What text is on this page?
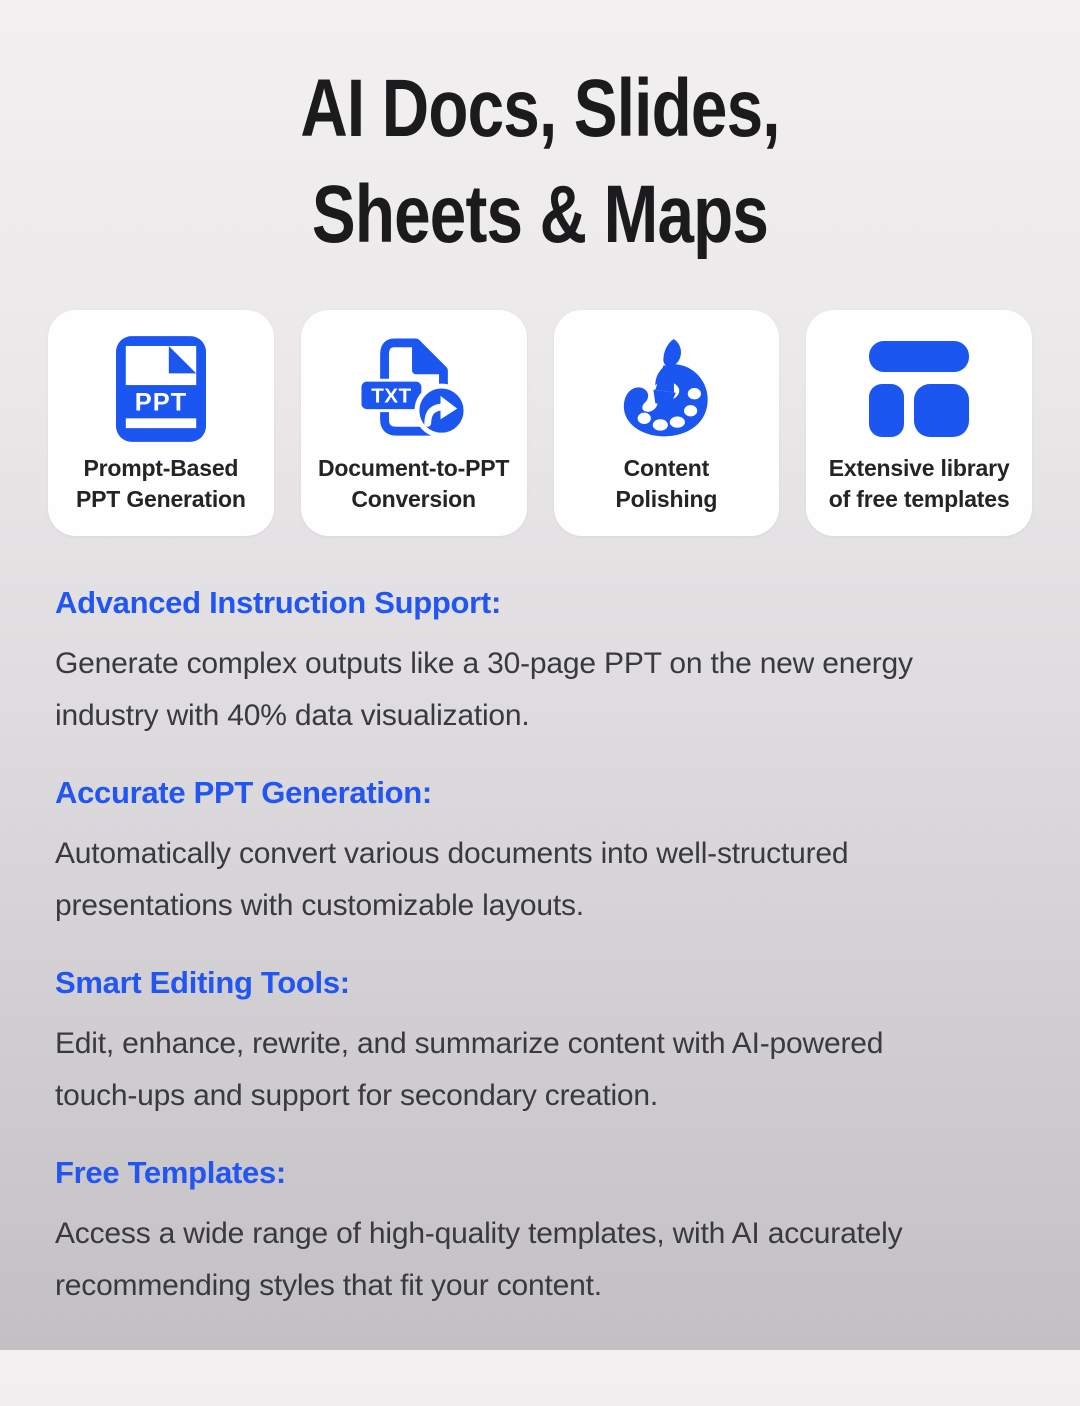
AI Docs, Slides,
Sheets & Maps
PPT
Prompt-Based
PPT Generation
TXT
Document-to-PPT
Conversion
Content
Polishing
Extensive library
of free templates
Advanced Instruction Support:
Generate complex outputs like a 30-page PPT on the new energy
industry with 40% data visualization.
Accurate PPT Generation:
Automatically convert various documents into well-structured
presentations with customizable layouts.
Smart Editing Tools:
Edit, enhance, rewrite, and summarize content with AI-powered
touch-ups and support for secondary creation.
Free Templates:
Access a wide range of high-quality templates, with AI accurately
recommending styles that fit your content.
